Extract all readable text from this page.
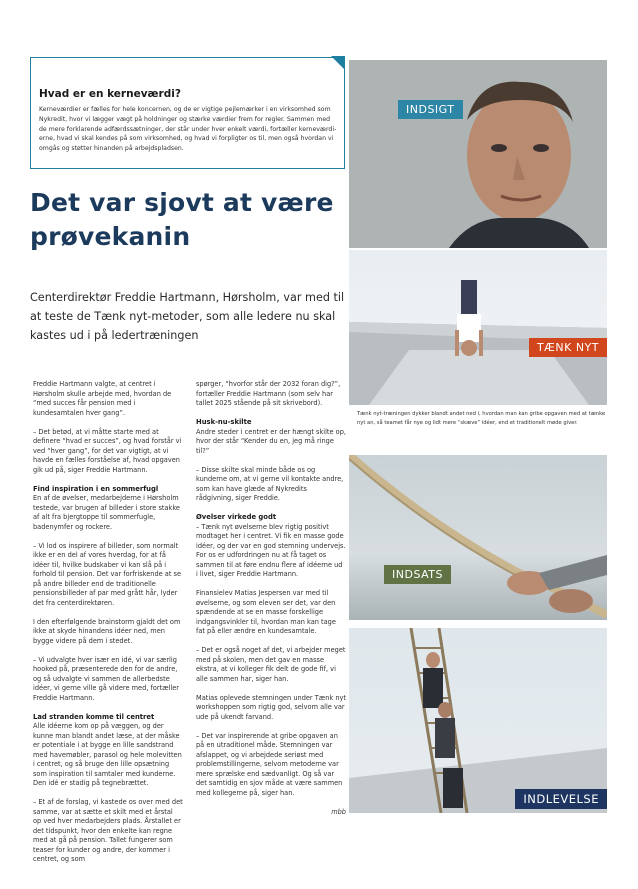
Hvad er en kerneværdi?
Kerneværdier er fælles for hele koncernen, og de er vigtige pejlemærker i en virksomhed som Nykredit, hvor vi lægger vægt på holdninger og stærke værdier frem for regler. Sammen med de mere forklarende adfærdssætninger, der står under hver enkelt værdi, fortæller kerneværdi-erne, hvad vi skal kendes på som virksomhed, og hvad vi forpligter os til, men også hvordan vi omgås og støtter hinanden på arbejdspladsen.
Det var sjovt at være prøvekanin
Centerdirektør Freddie Hartmann, Hørsholm, var med til at teste de Tænk nyt-metoder, som alle ledere nu skal kastes ud i på ledertræningen

Freddie Hartmann valgte, at centret i Hørsholm skulle arbejde med, hvordan de “med succes får pension med i kundesamtalen hver gang”.

– Det betød, at vi måtte starte med at definere “hvad er succes”, og hvad forstår vi ved “hver gang”, for det var vigtigt, at vi havde en fælles forståelse af, hvad opgaven gik ud på, siger Freddie Hartmann.

Find inspiration i en sommerfugl

En af de øvelser, medarbejderne i Hørsholm testede, var brugen af billeder i store stakke af alt fra bjergtoppe til sommerfugle, badenymfer og rockere.

– Vi lod os inspirere af billeder, som normalt ikke er en del af vores hverdag, for at få idéer til, hvilke budskaber vi kan slå på i forhold til pension. Det var forfriskende at se på andre billeder end de traditionelle pensionsbilleder af par med grått hår, lyder det fra centerdirektøren.

I den efterfølgende brainstorm gjaldt det om ikke at skyde hinandens idéer ned, men bygge videre på dem i stedet.

– Vi udvalgte hver især en idé, vi var særlig hooked på, præsenterede den for de andre, og så udvalgte vi sammen de allerbedste idéer, vi gerne ville gå videre med, fortæller Freddie Hartmann.

Lad stranden komme til centret

Alle idéerne kom op på væggen, og der kunne man blandt andet læse, at der måske er potentiale i at bygge en lille sandstrand med havemøbler, parasol og hele molevitten i centret, og så bruge den lille opsætning som inspiration til samtaler med kunderne. Den idé er stadig på tegnebrættet.

– Et af de forslag, vi kastede os over med det samme, var at sætte et skilt med et årstal op ved hver medarbejders plads. Årstallet er det tidspunkt, hvor den enkelte kan regne med at gå på pension. Tallet fungerer som teaser for kunder og andre, der kommer i centret, og som

spørger, “hvorfor står der 2032 foran dig?”, fortæller Freddie Hartmann (som selv har tallet 2025 stående på sit skrivebord).

Husk-nu-skilte

Andre steder i centret er der hængt skilte op, hvor der står “Kender du en, jeg må ringe til?”

– Disse skilte skal minde både os og kunderne om, at vi gerne vil kontakte andre, som kan have glæde af Nykredits rådgivning, siger Freddie.

Øvelser virkede godt

– Tænk nyt øvelserne blev rigtig positivt modtaget her i centret. Vi fik en masse gode idéer, og der var en god stemning undervejs. For os er udfordringen nu at få taget os sammen til at føre endnu flere af idéerne ud i livet, siger Freddie Hartmann.

Finansielev Matias Jespersen var med til øvelserne, og som eleven ser det, var den spændende at se en masse forskellige indgangsvinkler til, hvordan man kan tage fat på eller ændre en kundesamtale.

– Det er også noget af det, vi arbejder meget med på skolen, men det gav en masse ekstra, at vi kolleger fik delt de gode fif, vi alle sammen har, siger han.

Matias oplevede stemningen under Tænk nyt workshoppen som rigtig god, selvom alle var ude på ukendt farvand.

– Det var inspirerende at gribe opgaven an på en utraditionel måde. Stemningen var afslappet, og vi arbejdede seriøst med problemstillingerne, selvom metoderne var mere sprælske end sædvanligt. Og så var det samtidig en sjov måde at være sammen med kollegerne på, siger han.

mbb

INDSIGT
TÆNK NYT
Tænk nyt-træningen dykker blandt andet ned i, hvordan man kan gribe opgaven med at tænke nyt an, så teamet får nye og lidt mere “skæve” idéer, end et traditionelt møde giver.
INDSATS
INDLEVELSE
